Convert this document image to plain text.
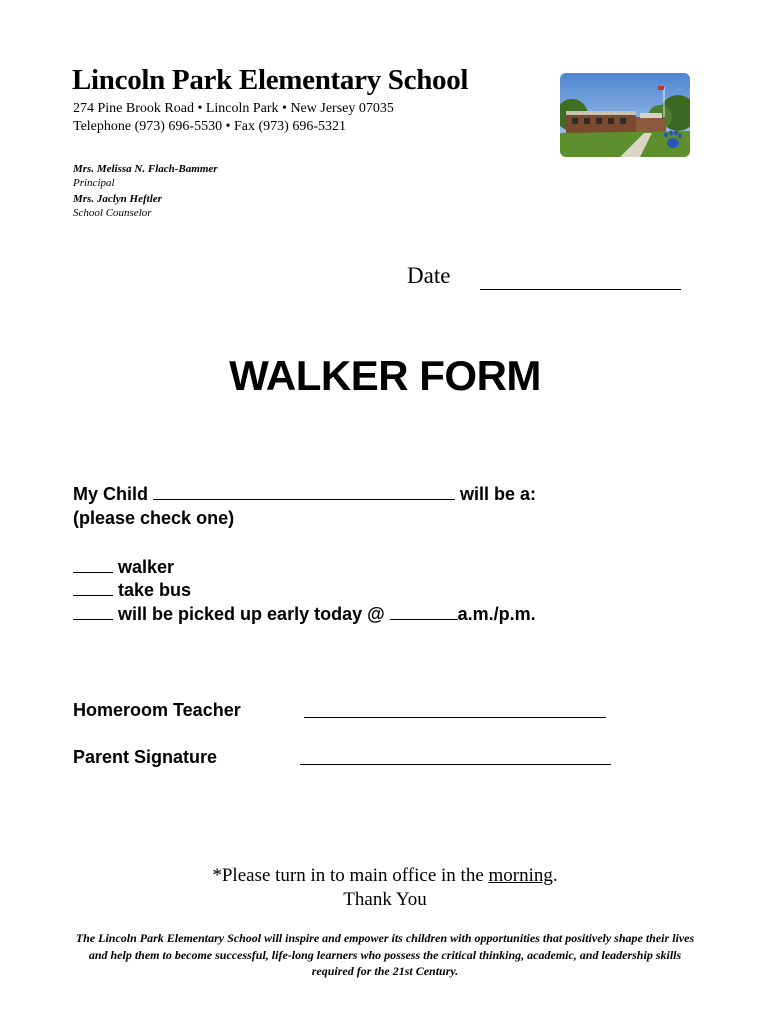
Lincoln Park Elementary School
274 Pine Brook Road • Lincoln Park • New Jersey 07035
Telephone (973) 696-5530 • Fax (973) 696-5321
Mrs. Melissa N. Flach-Bammer
Principal
Mrs. Jaclyn Heftler
School Counselor
Date
WALKER FORM
My Child	will be a:
(please check one)
walker
take bus
will be picked up early today @	a.m./p.m.
Homeroom Teacher
Parent Signature
*Please turn in to main office in the morning.
Thank You
The Lincoln Park Elementary School will inspire and empower its children with opportunities that positively shape their lives and help them to become successful, life-long learners who possess the critical thinking, academic, and leadership skills required for the 21st Century.
